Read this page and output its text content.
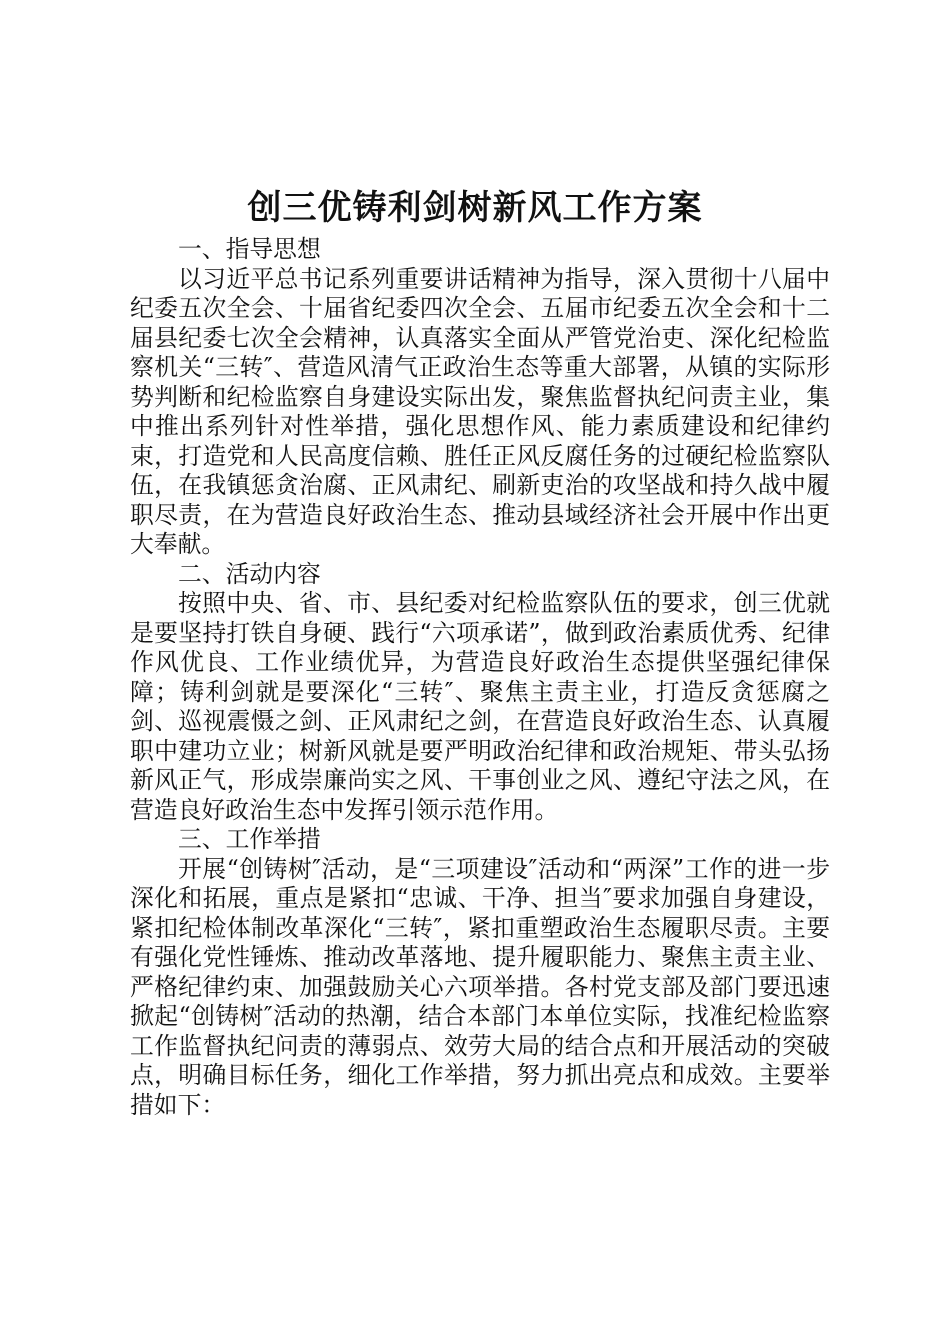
创三优铸利剑树新风工作方案
一、指导思想

以习近平总书记系列重要讲话精神为指导，深入贯彻十八届中纪委五次全会、十届省纪委四次全会、五届市纪委五次全会和十二届县纪委七次全会精神，认真落实全面从严管党治吏、深化纪检监察机关“三转″、营造风清气正政治生态等重大部署，从镇的实际形势判断和纪检监察自身建设实际出发，聚焦监督执纪问责主业，集中推出系列针对性举措，强化思想作风、能力素质建设和纪律约束，打造党和人民高度信赖、胜任正风反腐任务的过硬纪检监察队伍，在我镇惩贪治腐、正风肃纪、刷新吏治的攻坚战和持久战中履职尽责，在为营造良好政治生态、推动县域经济社会开展中作出更大奉献。

二、活动内容

按照中央、省、市、县纪委对纪检监察队伍的要求，创三优就是要坚持打铁自身硬、践行“六项承诺”，做到政治素质优秀、纪律作风优良、工作业绩优异，为营造良好政治生态提供坚强纪律保障；铸利剑就是要深化“三转″、聚焦主责主业，打造反贪惩腐之剑、巡视震慑之剑、正风肃纪之剑，在营造良好政治生态、认真履职中建功立业；树新风就是要严明政治纪律和政治规矩、带头弘扬新风正气，形成崇廉尚实之风、干事创业之风、遵纪守法之风，在营造良好政治生态中发挥引领示范作用。

三、工作举措

开展“创铸树″活动，是“三项建设″活动和“两深”工作的进一步深化和拓展，重点是紧扣“忠诚、干净、担当″要求加强自身建设，紧扣纪检体制改革深化“三转″，紧扣重塑政治生态履职尽责。主要有强化党性锤炼、推动改革落地、提升履职能力、聚焦主责主业、严格纪律约束、加强鼓励关心六项举措。各村党支部及部门要迅速掀起“创铸树″活动的热潮，结合本部门本单位实际，找准纪检监察工作监督执纪问责的薄弱点、效劳大局的结合点和开展活动的突破点，明确目标任务，细化工作举措，努力抓出亮点和成效。主要举措如下：
